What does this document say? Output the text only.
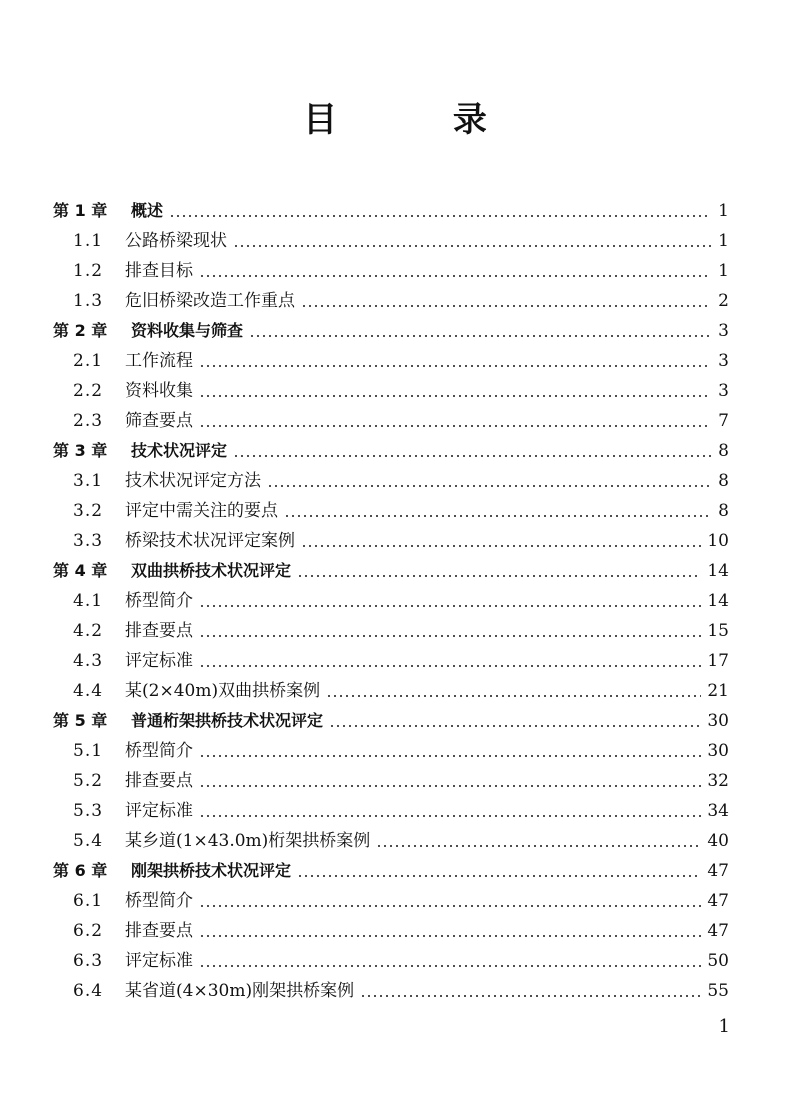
目 录
第 1 章	概述	1
1.1	公路桥梁现状	1
1.2	排查目标	1
1.3	危旧桥梁改造工作重点	2
第 2 章	资料收集与筛查	3
2.1	工作流程	3
2.2	资料收集	3
2.3	筛查要点	7
第 3 章	技术状况评定	8
3.1	技术状况评定方法	8
3.2	评定中需关注的要点	8
3.3	桥梁技术状况评定案例	10
第 4 章	双曲拱桥技术状况评定	14
4.1	桥型简介	14
4.2	排查要点	15
4.3	评定标准	17
4.4	某(2×40m)双曲拱桥案例	21
第 5 章	普通桁架拱桥技术状况评定	30
5.1	桥型简介	30
5.2	排查要点	32
5.3	评定标准	34
5.4	某乡道(1×43.0m)桁架拱桥案例	40
第 6 章	刚架拱桥技术状况评定	47
6.1	桥型简介	47
6.2	排查要点	47
6.3	评定标准	50
6.4	某省道(4×30m)刚架拱桥案例	55
1
